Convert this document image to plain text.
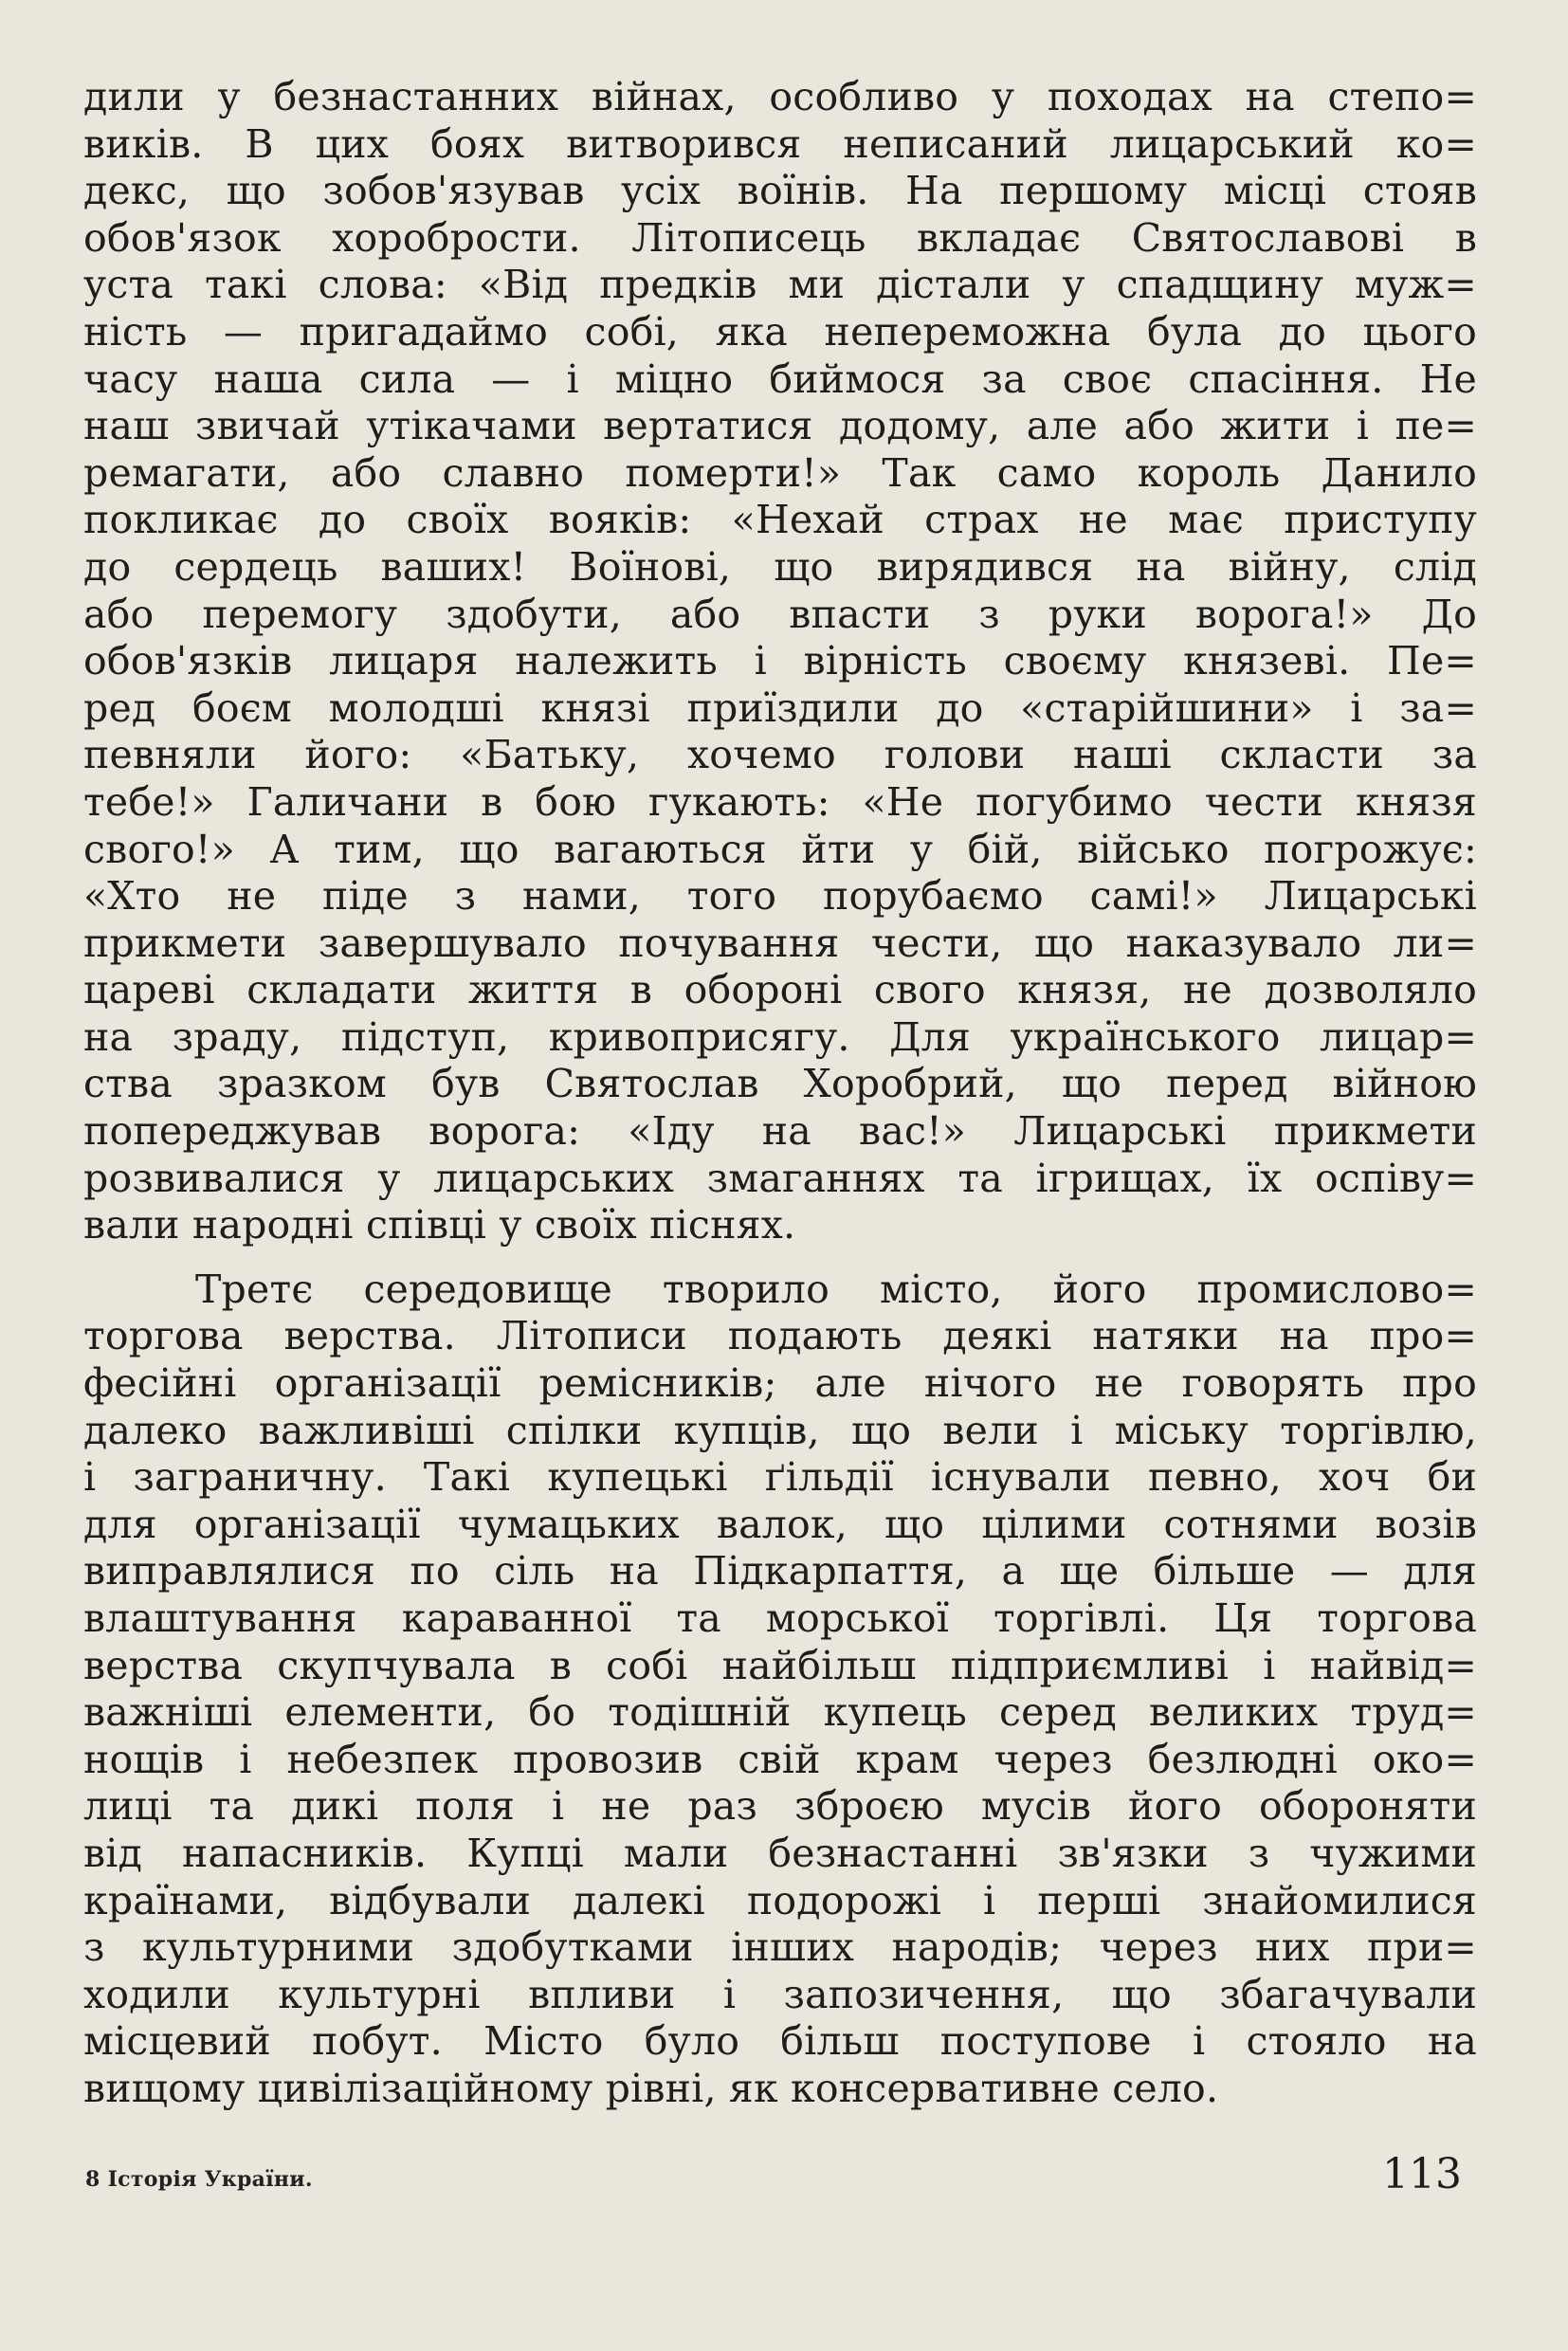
дили у безнастанних війнах, особливо у походах на степо=
виків. В цих боях витворився неписаний лицарський ко=
декс, що зобов'язував усіх воїнів. На першому місці стояв
обов'язок хоробрости. Літописець вкладає Святославові в
уста такі слова: «Від предків ми дістали у спадщину муж=
ність — пригадаймо собі, яка непереможна була до цього
часу наша сила — і міцно биймося за своє спасіння. Не
наш звичай утікачами вертатися додому, але або жити і пе=
ремагати, або славно померти!» Так само король Данило
покликає до своїх вояків: «Нехай страх не має приступу
до сердець ваших! Воїнові, що вирядився на війну, слід
або перемогу здобути, або впасти з руки ворога!» До
обов'язків лицаря належить і вірність своєму князеві. Пе=
ред боєм молодші князі приїздили до «старійшини» і за=
певняли його: «Батьку, хочемо голови наші скласти за
тебе!» Галичани в бою гукають: «Не погубимо чести князя
свого!» А тим, що вагаються йти у бій, військо погрожує:
«Хто не піде з нами, того порубаємо самі!» Лицарські
прикмети завершувало почування чести, що наказувало ли=
цареві складати життя в обороні свого князя, не дозволяло
на зраду, підступ, кривоприсягу. Для українського лицар=
ства зразком був Святослав Хоробрий, що перед війною
попереджував ворога: «Іду на вас!» Лицарські прикмети
розвивалися у лицарських змаганнях та ігрищах, їх оспіву=
вали народні співці у своїх піснях.
Третє середовище творило місто, його промислово=
торгова верства. Літописи подають деякі натяки на про=
фесійні організації ремісників; але нічого не говорять про
далеко важливіші спілки купців, що вели і міську торгівлю,
і заграничну. Такі купецькі ґільдії існували певно, хоч би
для організації чумацьких валок, що цілими сотнями возів
виправлялися по сіль на Підкарпаття, а ще більше — для
влаштування караванної та морської торгівлі. Ця торгова
верства скупчувала в собі найбільш підприємливі і найвід=
важніші елементи, бо тодішній купець серед великих труд=
нощів і небезпек провозив свій крам через безлюдні око=
лиці та дикі поля і не раз зброєю мусів його обороняти
від напасників. Купці мали безнастанні зв'язки з чужими
країнами, відбували далекі подорожі і перші знайомилися
з культурними здобутками інших народів; через них при=
ходили культурні впливи і запозичення, що збагачували
місцевий побут. Місто було більш поступове і стояло на
вищому цивілізаційному рівні, як консервативне село.
8 Історія України.	113
